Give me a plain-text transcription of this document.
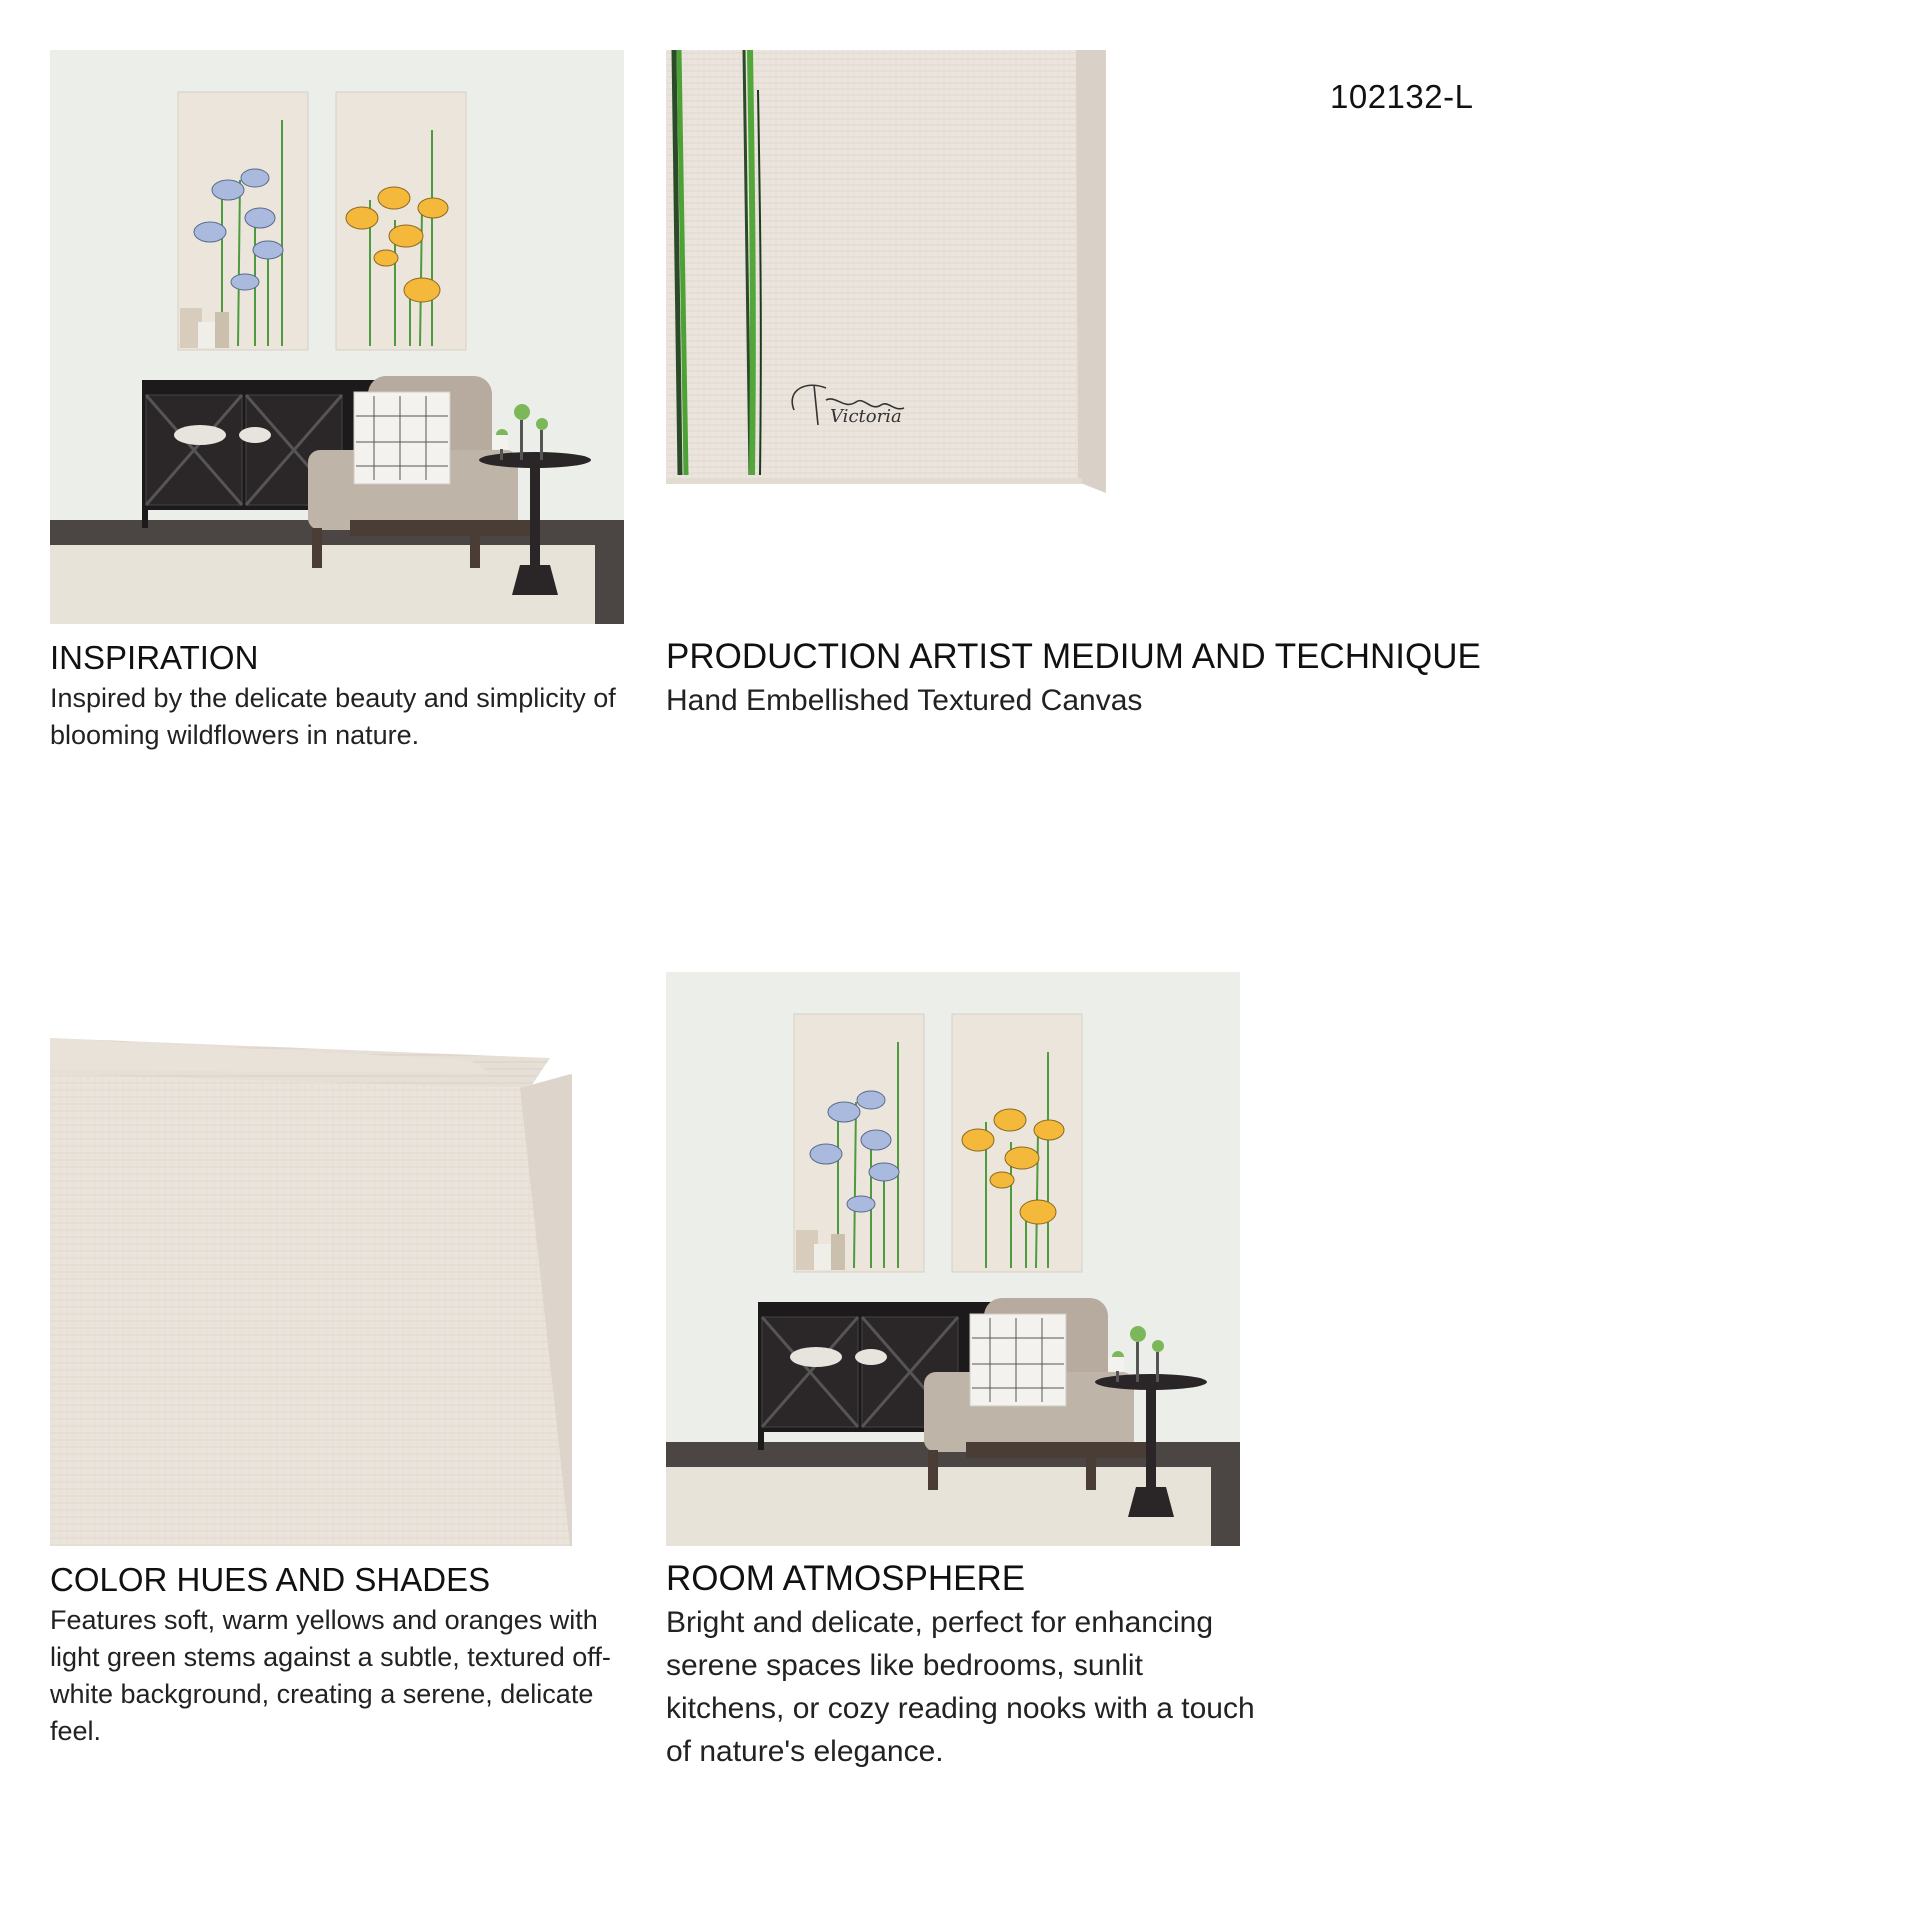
102132-L
Victoria
INSPIRATION

Inspired by the delicate beauty and simplicity of blooming wildflowers in nature.

PRODUCTION ARTIST MEDIUM AND TECHNIQUE

Hand Embellished Textured Canvas

COLOR HUES AND SHADES

Features soft, warm yellows and oranges with light green stems against a subtle, textured off-white background, creating a serene, delicate feel.

ROOM ATMOSPHERE

Bright and delicate, perfect for enhancing serene spaces like bedrooms, sunlit kitchens, or cozy reading nooks with a touch of nature's elegance.
